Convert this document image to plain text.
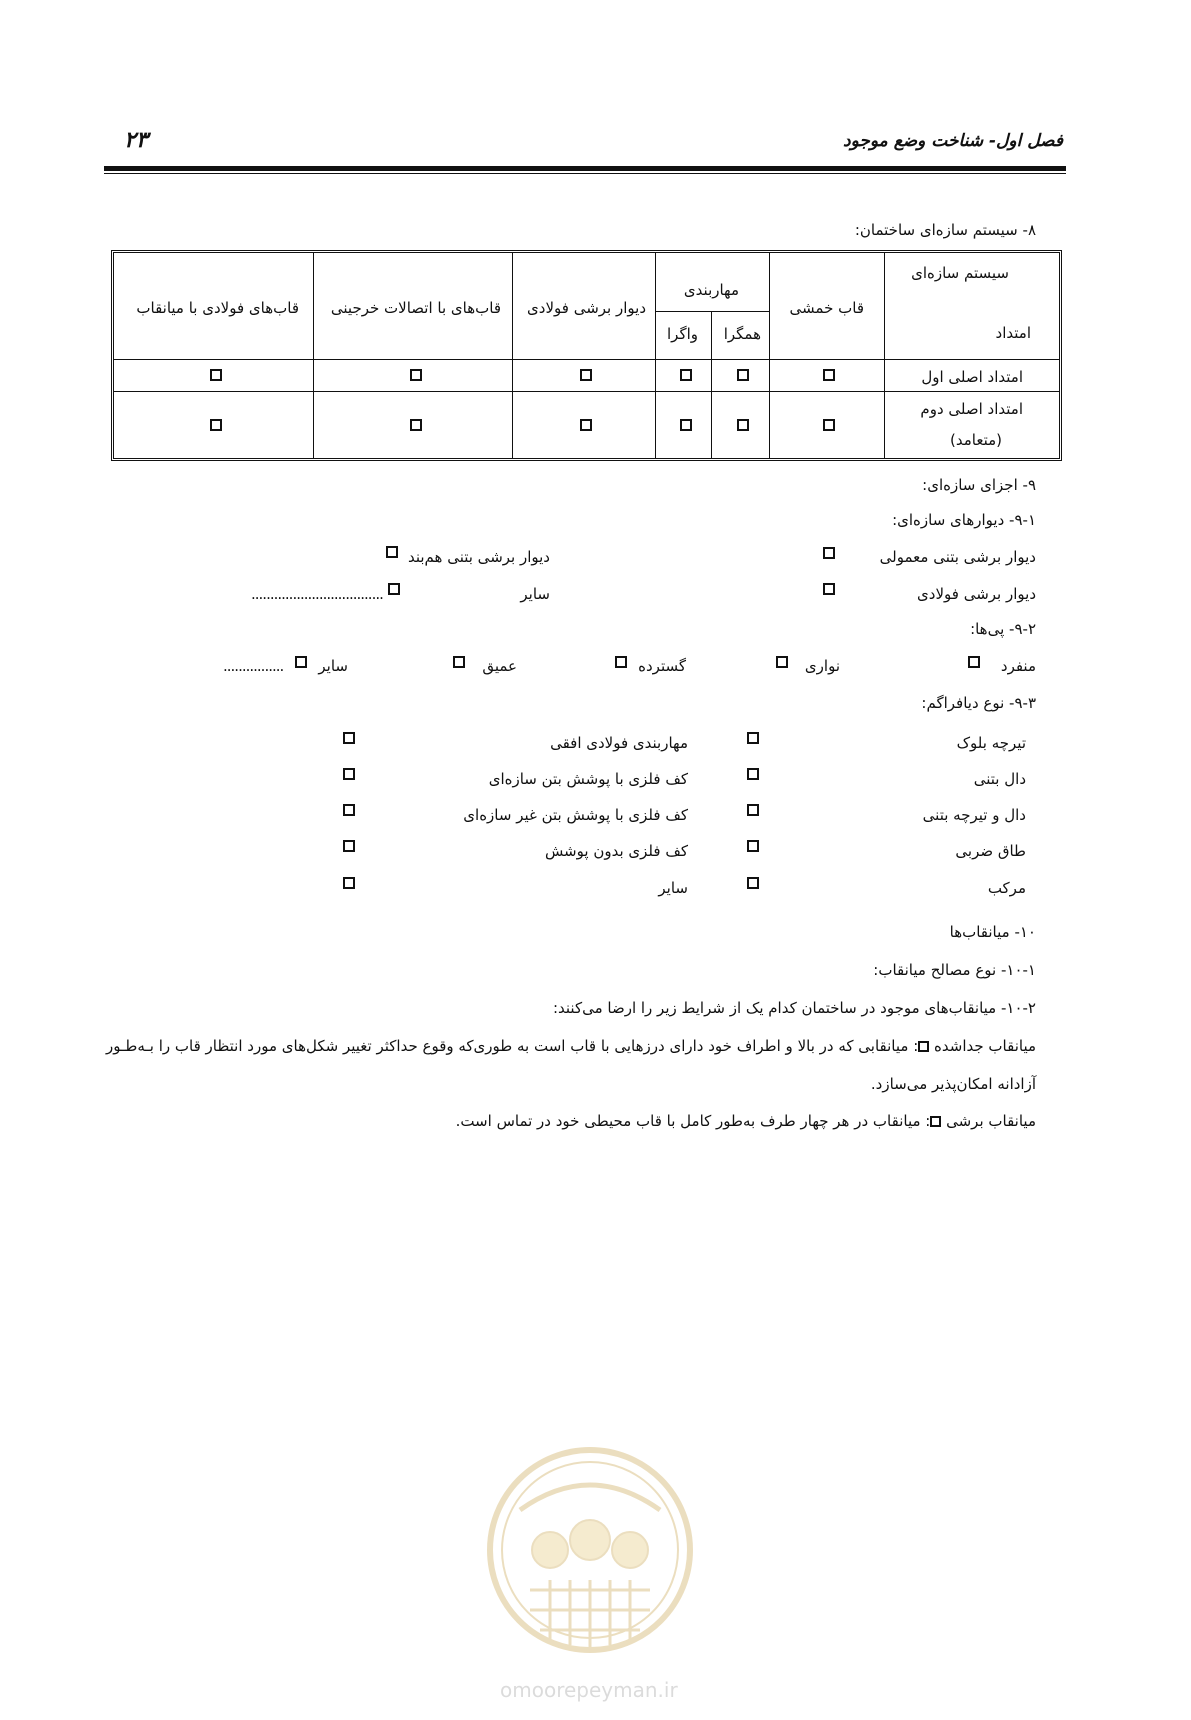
فصل اول- شناخت وضع موجود
۲۳
۸- سیستم سازه‌ای ساختمان:
سیستم سازه‌ای
امتداد
قاب خمشی
مهاربندی
همگرا
واگرا
دیوار برشی فولادی
قاب‌های با اتصالات خرجینی
قاب‌های فولادی با میانقاب
امتداد اصلی اول
امتداد اصلی دوم
(متعامد)
۹- اجزای سازه‌ای:
۹-۱- دیوارهای سازه‌ای:
دیوار برشی بتنی معمولی
دیوار برشی بتنی هم‌بند
دیوار برشی فولادی
سایر
...................................
۹-۲- پی‌ها:
منفرد
نواری
گسترده
عمیق
سایر
................
۹-۳- نوع دیافراگم:
تیرچه بلوک
دال بتنی
دال و تیرچه بتنی
طاق ضربی
مرکب
مهاربندی فولادی افقی
کف فلزی با پوشش بتن سازه‌ای
کف فلزی با پوشش بتن غیر سازه‌ای
کف فلزی بدون پوشش
سایر
۱۰- میانقاب‌ها
۱۰-۱- نوع مصالح میانقاب:
۱۰-۲- میانقاب‌های موجود در ساختمان کدام یک از شرایط زیر را ارضا می‌کنند:
میانقاب جداشده : میانقابی که در بالا و اطراف خود دارای درزهایی با قاب است به طوری‌که وقوع حداکثر تغییر شکل‌های مورد انتظار قاب را بـه‌طـور
آزادانه امکان‌پذیر می‌سازد.
میانقاب برشی : میانقاب در هر چهار طرف به‌طور کامل با قاب محیطی خود در تماس است.
omoorepeyman.ir
